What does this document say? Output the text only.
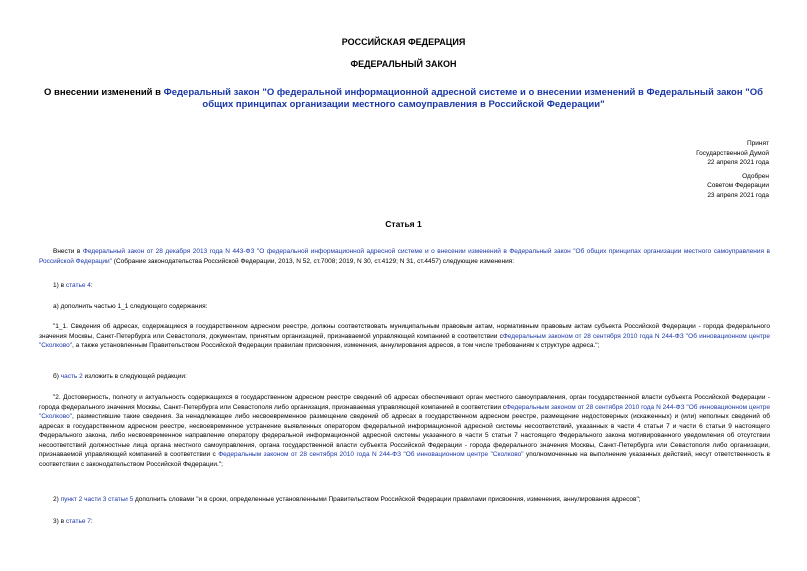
РОССИЙСКАЯ ФЕДЕРАЦИЯ
ФЕДЕРАЛЬНЫЙ ЗАКОН
О внесении изменений в Федеральный закон "О федеральной информационной адресной системе и о внесении изменений в Федеральный закон "Об общих принципах организации местного самоуправления в Российской Федерации"
Принят
Государственной Думой
22 апреля 2021 года
Одобрен
Советом Федерации
23 апреля 2021 года
Статья 1
Внести в Федеральный закон от 28 декабря 2013 года N 443-ФЗ "О федеральной информационной адресной системе и о внесении изменений в Федеральный закон "Об общих принципах организации местного самоуправления в Российской Федерации" (Собрание законодательства Российской Федерации, 2013, N 52, ст.7008; 2019, N 30, ст.4129; N 31, ст.4457) следующие изменения:
1) в статье 4:
а) дополнить частью 1_1 следующего содержания:
"1_1. Сведения об адресах, содержащиеся в государственном адресном реестре, должны соответствовать муниципальным правовым актам, нормативным правовым актам субъекта Российской Федерации - города федерального значения Москвы, Санкт-Петербурга или Севастополя, документам, принятым организацией, признаваемой управляющей компанией в соответствии сФедеральным законом от 28 сентября 2010 года N 244-ФЗ "Об инновационном центре "Сколково", а также установленным Правительством Российской Федерации правилам присвоения, изменения, аннулирования адресов, в том числе требованиям к структуре адреса.";
б) часть 2 изложить в следующей редакции:
"2. Достоверность, полноту и актуальность содержащихся в государственном адресном реестре сведений об адресах обеспечивают орган местного самоуправления, орган государственной власти субъекта Российской Федерации - города федерального значения Москвы, Санкт-Петербурга или Севастополя либо организация, признаваемая управляющей компанией в соответствии сФедеральным законом от 28 сентября 2010 года N 244-ФЗ "Об инновационном центре "Сколково", разместившие такие сведения. За ненадлежащее либо несвоевременное размещение сведений об адресах в государственном адресном реестре, размещение недостоверных (искаженных) и (или) неполных сведений об адресах в государственном адресном реестре, несвоевременное устранение выявленных оператором федеральной информационной адресной системы несоответствий, указанных в части 4 статьи 7 и части 6 статьи 9 настоящего Федерального закона, либо несвоевременное направление оператору федеральной информационной адресной системы указанного в части 5 статьи 7 настоящего Федерального закона мотивированного уведомления об отсутствии несоответствий должностные лица органа местного самоуправления, органа государственной власти субъекта Российской Федерации - города федерального значения Москвы, Санкт-Петербурга или Севастополя либо организации, признаваемой управляющей компанией в соответствии с Федеральным законом от 28 сентября 2010 года N 244-ФЗ "Об инновационном центре "Сколково" уполномоченные на выполнение указанных действий, несут ответственность в соответствии с законодательством Российской Федерации.";
2) пункт 2 части 3 статьи 5 дополнить словами "и в сроки, определенные установленными Правительством Российской Федерации правилами присвоения, изменения, аннулирования адресов";
3) в статье 7:
